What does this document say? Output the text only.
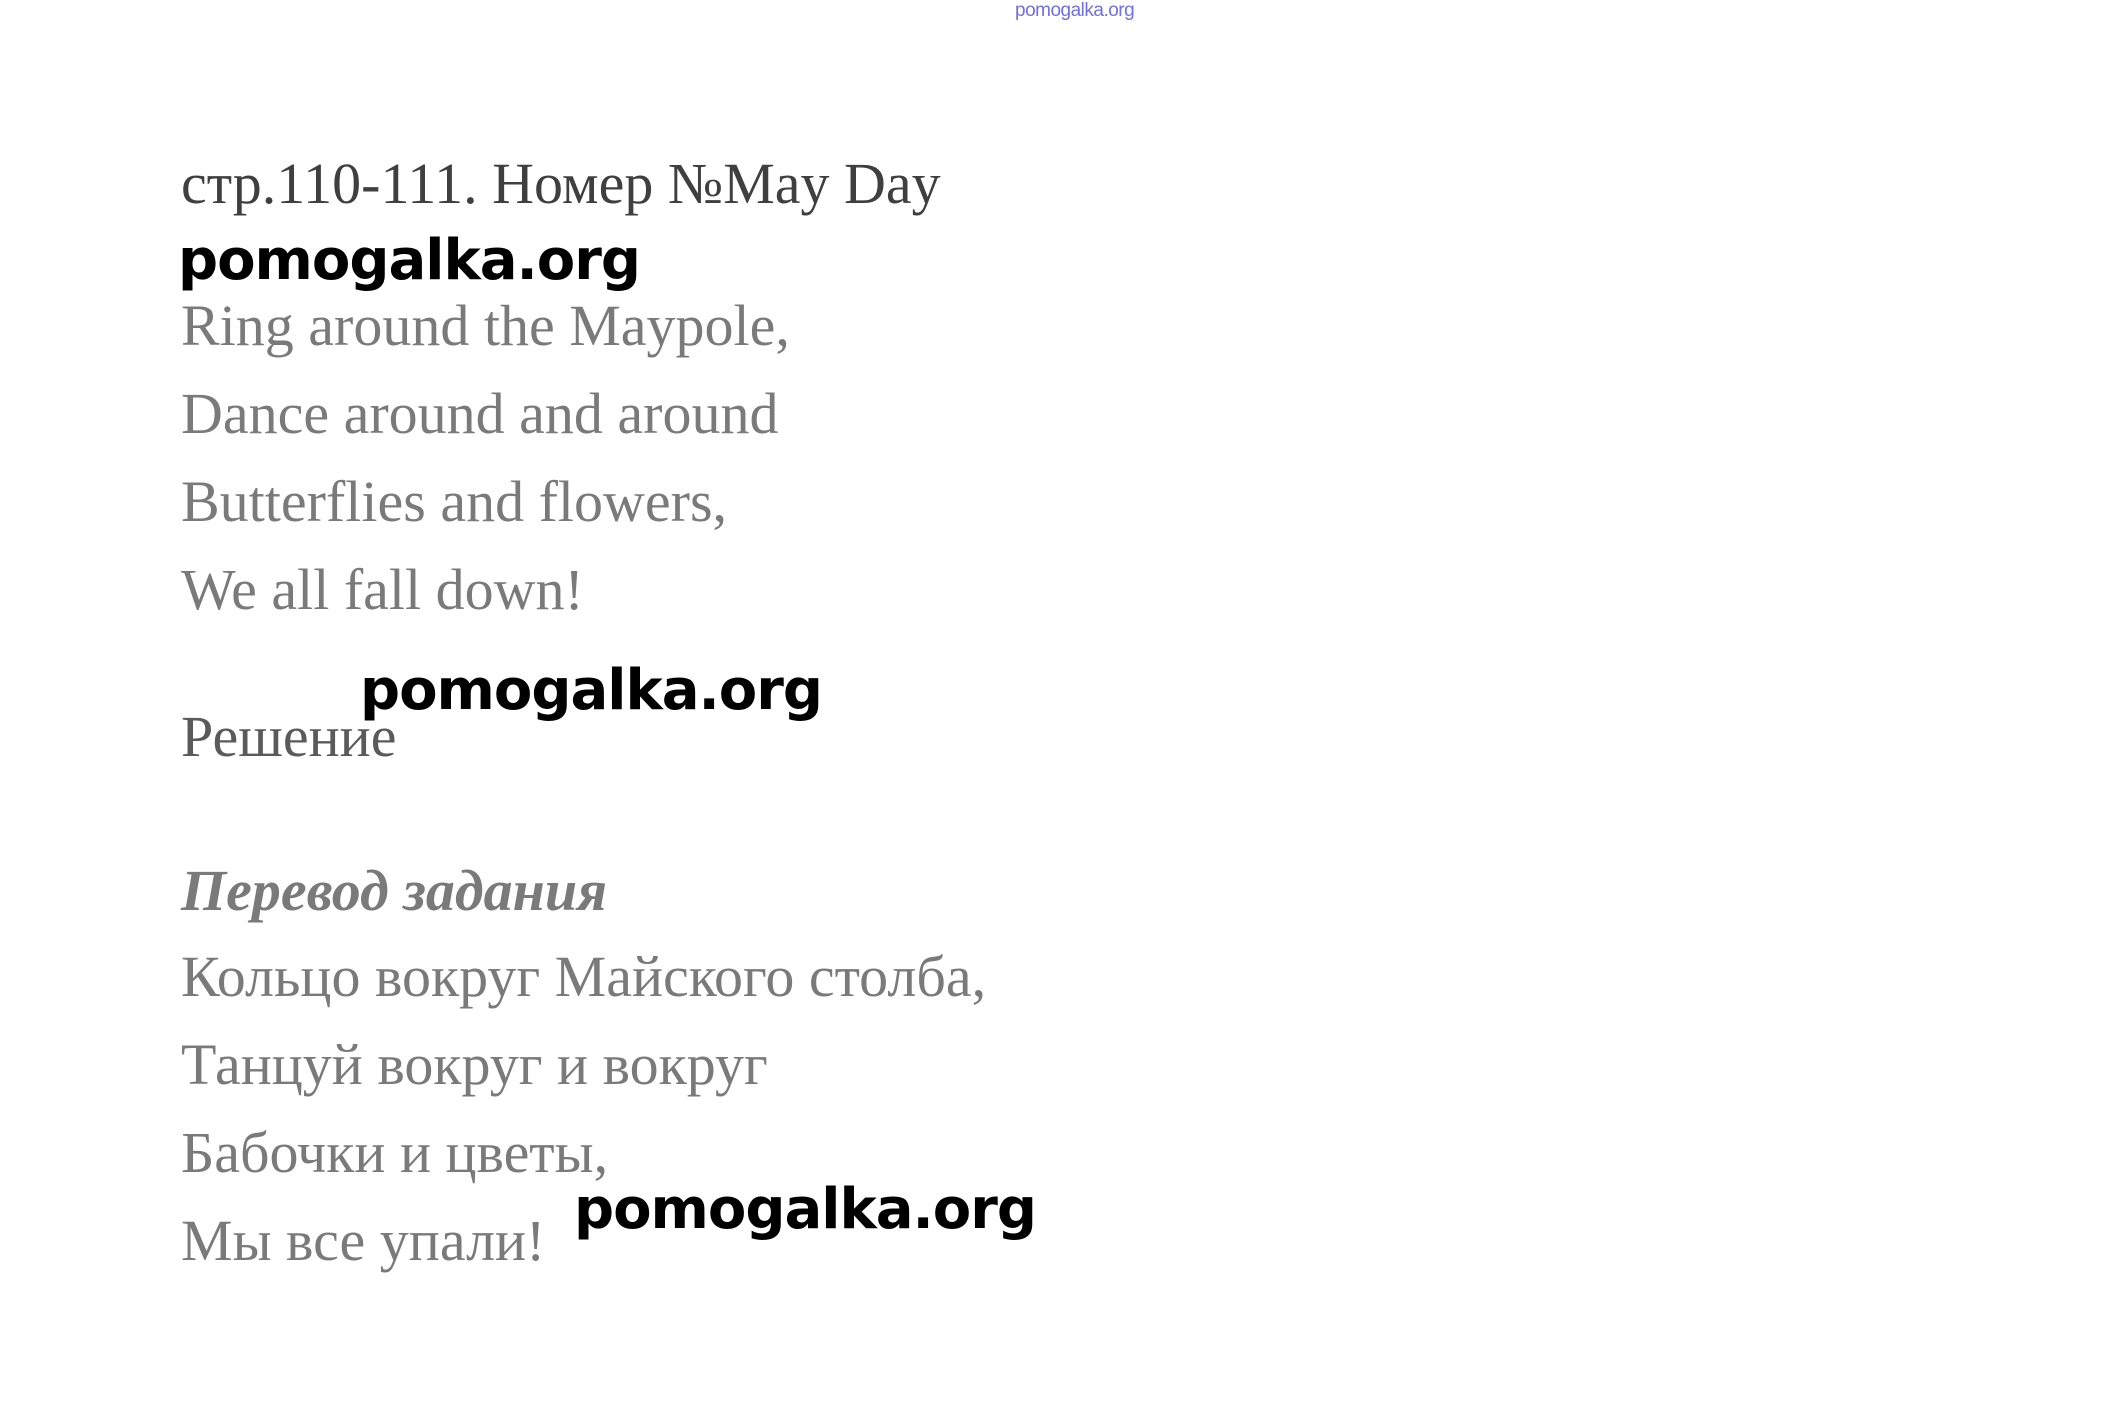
pomogalka.org
стр.110-111. Номер №May Day
pomogalka.org
Ring around the Maypole,
Dance around and around
Butterflies and flowers,
We all fall down!
Решение
pomogalka.org
Перевод задания
Кольцо вокруг Майского столба,
Танцуй вокруг и вокруг
Бабочки и цветы,
Мы все упали! pomogalka.org
